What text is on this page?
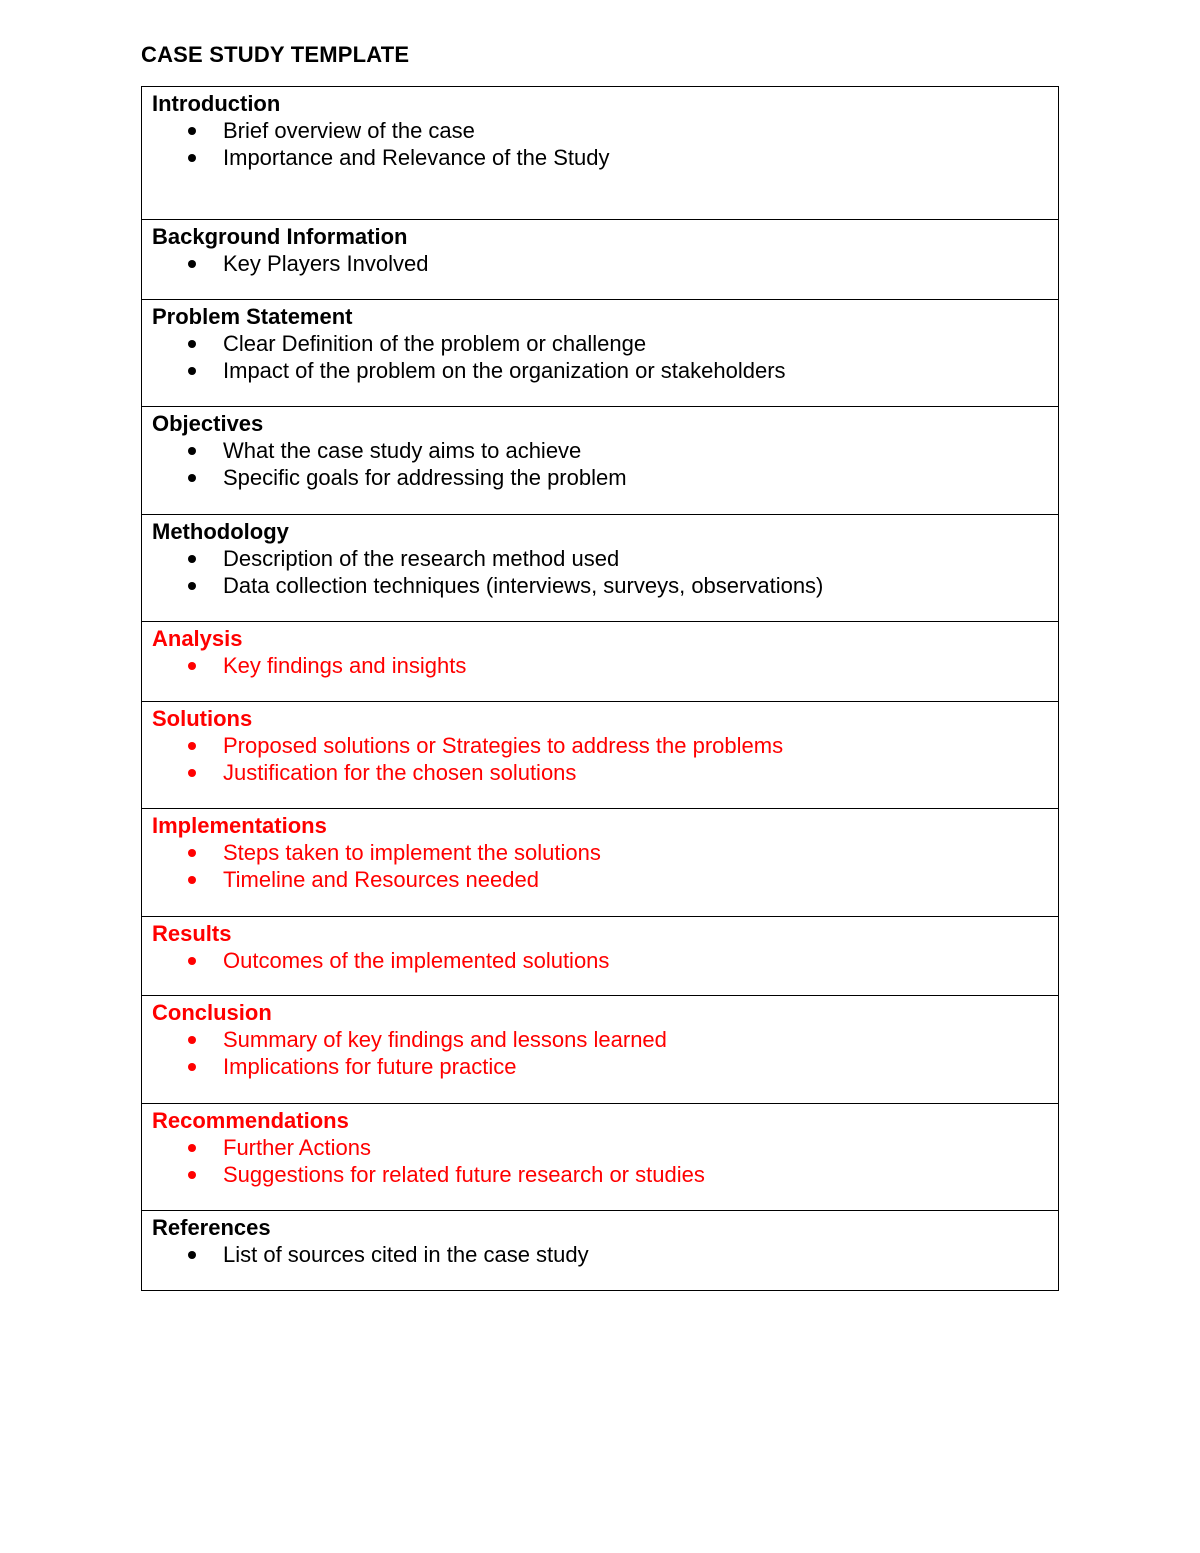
CASE STUDY TEMPLATE
Introduction
Brief overview of the case
Importance and Relevance of the Study
Background Information
Key Players Involved
Problem Statement
Clear Definition of the problem or challenge
Impact of the problem on the organization or stakeholders
Objectives
What the case study aims to achieve
Specific goals for addressing the problem
Methodology
Description of the research method used
Data collection techniques (interviews, surveys, observations)
Analysis
Key findings and insights
Solutions
Proposed solutions or Strategies to address the problems
Justification for the chosen solutions
Implementations
Steps taken to implement the solutions
Timeline and Resources needed
Results
Outcomes of the implemented solutions
Conclusion
Summary of key findings and lessons learned
Implications for future practice
Recommendations
Further Actions
Suggestions for related future research or studies
References
List of sources cited in the case study
